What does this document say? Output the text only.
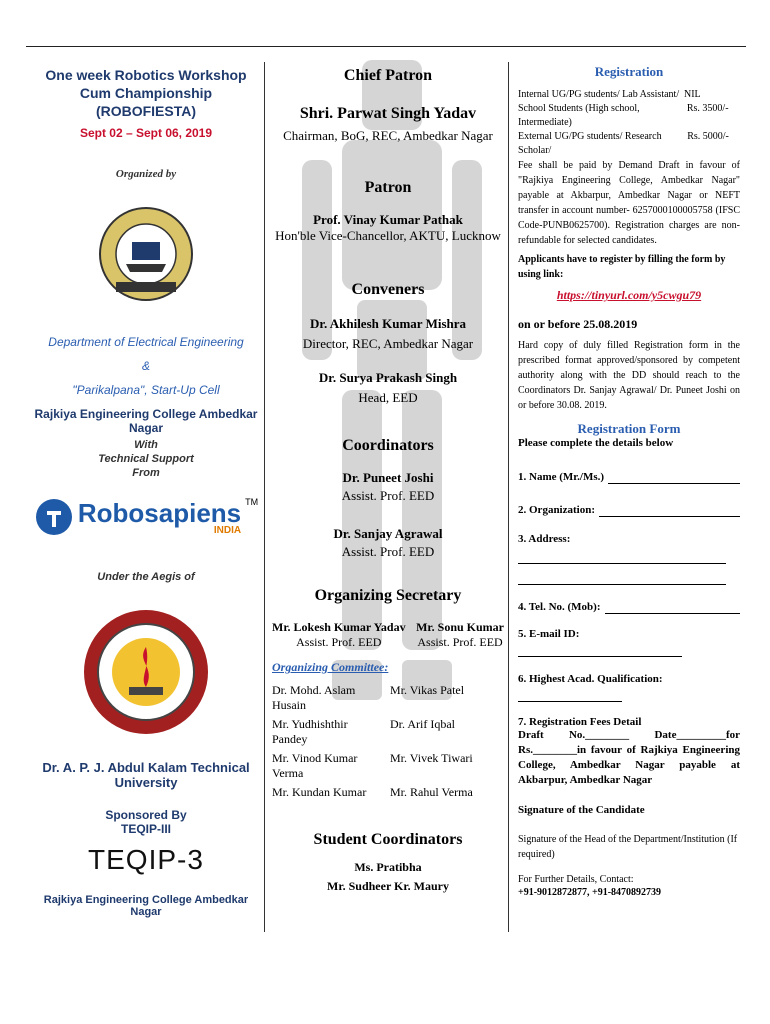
One week Robotics Workshop Cum Championship
(ROBOFIESTA)
Sept 02 – Sept 06, 2019
Organized by
Department of Electrical Engineering
&
"Parikalpana", Start-Up Cell
Rajkiya Engineering College Ambedkar Nagar
With
Technical Support
From
Robosapiens
INDIA
™
Under the Aegis of
Dr. A. P. J. Abdul Kalam Technical University
Sponsored By
TEQIP-III
TEQIP-3
Rajkiya Engineering College Ambedkar Nagar
Chief Patron
Shri. Parwat Singh Yadav
Chairman, BoG, REC, Ambedkar Nagar
Patron
Prof. Vinay Kumar Pathak
Hon'ble Vice-Chancellor, AKTU, Lucknow
Conveners
Dr. Akhilesh Kumar Mishra
Director, REC, Ambedkar Nagar
Dr. Surya Prakash Singh
Head, EED
Coordinators
Dr. Puneet Joshi
Assist. Prof. EED
Dr. Sanjay Agrawal
Assist. Prof. EED
Organizing Secretary
Mr. Lokesh Kumar Yadav
Assist. Prof. EED
Mr. Sonu Kumar
Assist. Prof. EED
Organizing Committee:
Dr. Mohd. Aslam Husain
Mr. Vikas Patel
Mr. Yudhishthir Pandey
Dr. Arif Iqbal
Mr. Vinod Kumar Verma
Mr. Vivek Tiwari
Mr. Kundan Kumar	Mr. Rahul Verma
Student Coordinators
Ms. Pratibha
Mr. Sudheer Kr. Maury
Registration
Internal UG/PG students/ Lab Assistant/ NIL
School Students (High school, Intermediate)
Rs. 3500/-
External UG/PG students/ Research Scholar/
Rs. 5000/-
Fee shall be paid by Demand Draft in favour of "Rajkiya Engineering College, Ambedkar Nagar" payable at Akbarpur, Ambedkar Nagar or NEFT transfer in account number- 6257000100005758 (IFSC Code-PUNB0625700). Registration charges are non-refundable for selected candidates.
Applicants have to register by filling the form by using link:
https://tinyurl.com/y5cwgu79
on or before 25.08.2019
Hard copy of duly filled Registration form in the prescribed format approved/sponsored by competent authority along with the DD should reach to the Coordinators Dr. Sanjay Agrawal/ Dr. Puneet Joshi on or before 30.08. 2019.
Registration Form
Please complete the details below
1. Name (Mr./Ms.)
2. Organization:
3. Address:
4. Tel. No. (Mob):
5. E-mail ID:
6. Highest Acad. Qualification:
7. Registration Fees Detail
Draft No.________ Date_________for Rs.________in favour of Rajkiya Engineering College, Ambedkar Nagar payable at Akbarpur, Ambedkar Nagar
Signature of the Candidate
Signature of the Head of the Department/Institution (If required)
For Further Details, Contact:
+91-9012872877, +91-8470892739
